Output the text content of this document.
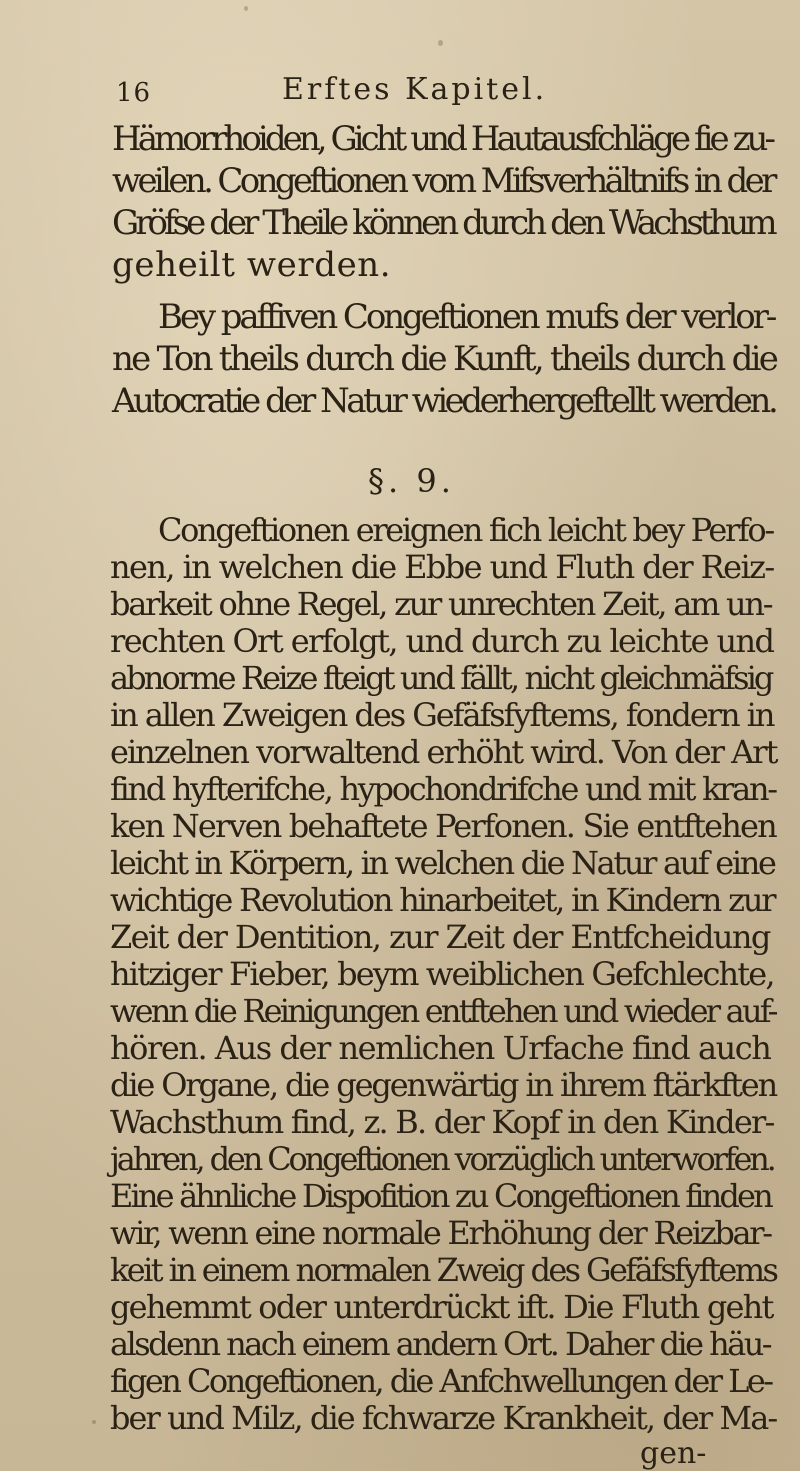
16	Erftes Kapitel.
Hämorrhoiden, Gicht und Hautausfchläge fie zu-
weilen. Congeftionen vom Mifsverhältnifs in der
Gröfse der Theile können durch den Wachsthum
geheilt werden.
Bey paffiven Congeftionen mufs der verlor-
ne Ton theils durch die Kunft, theils durch die
Autocratie der Natur wiederhergeftellt werden.
§. 9.
Congeftionen ereignen fich leicht bey Perfo-
nen, in welchen die Ebbe und Fluth der Reiz-
barkeit ohne Regel, zur unrechten Zeit, am un-
rechten Ort erfolgt, und durch zu leichte und
abnorme Reize fteigt und fällt, nicht gleichmäfsig
in allen Zweigen des Gefäfsfyftems, fondern in
einzelnen vorwaltend erhöht wird. Von der Art
find hyfterifche, hypochondrifche und mit kran-
ken Nerven behaftete Perfonen. Sie entftehen
leicht in Körpern, in welchen die Natur auf eine
wichtige Revolution hinarbeitet, in Kindern zur
Zeit der Dentition, zur Zeit der Entfcheidung
hitziger Fieber, beym weiblichen Gefchlechte,
wenn die Reinigungen entftehen und wieder auf-
hören. Aus der nemlichen Urfache find auch
die Organe, die gegenwärtig in ihrem ftärkften
Wachsthum find, z. B. der Kopf in den Kinder-
jahren, den Congeftionen vorzüglich unterworfen.
Eine ähnliche Dispofition zu Congeftionen finden
wir, wenn eine normale Erhöhung der Reizbar-
keit in einem normalen Zweig des Gefäfsfyftems
gehemmt oder unterdrückt ift. Die Fluth geht
alsdenn nach einem andern Ort. Daher die häu-
figen Congeftionen, die Anfchwellungen der Le-
ber und Milz, die fchwarze Krankheit, der Ma-
gen-
